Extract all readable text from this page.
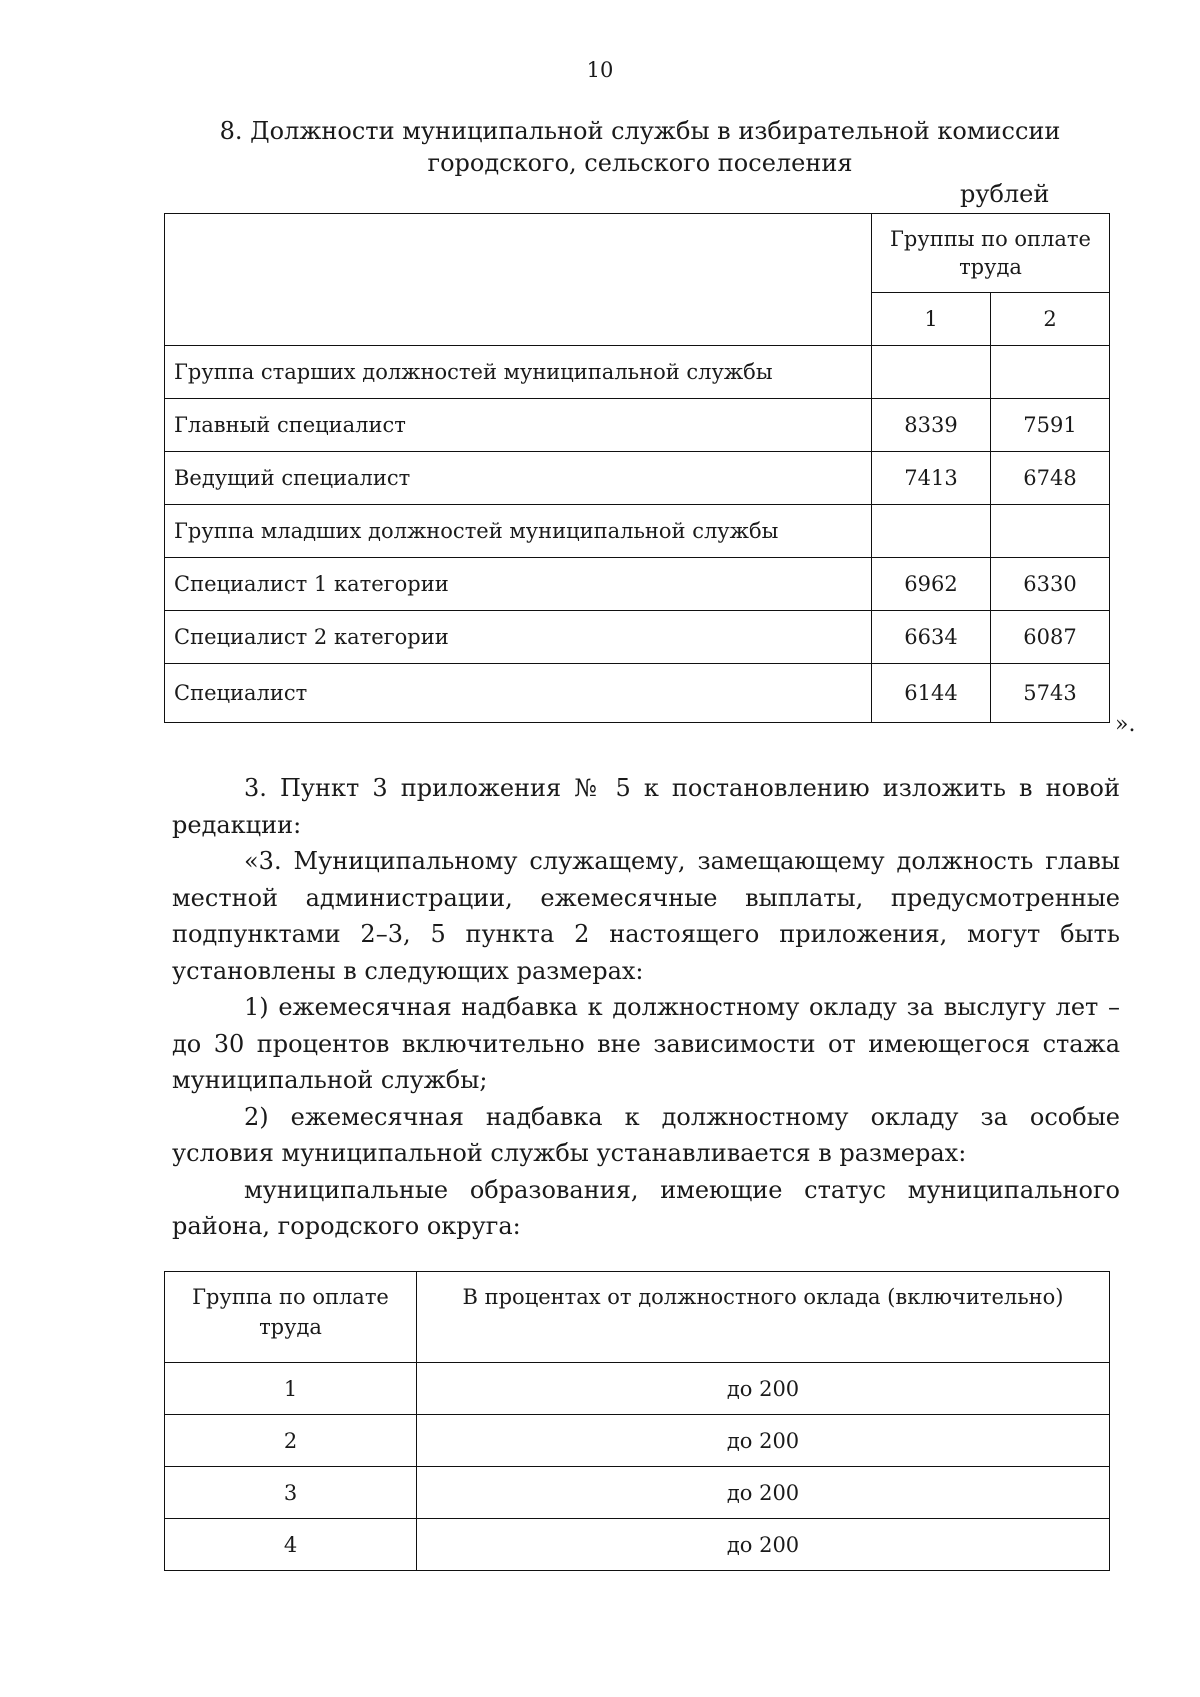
10
8. Должности муниципальной службы в избирательной комиссии
городского, сельского поселения
рублей
	Группы по оплате труда	
	1	2
Группа старших должностей муниципальной службы		
Главный специалист	8339	7591
Ведущий специалист	7413	6748
Группа младших должностей муниципальной службы		
Специалист 1 категории	6962	6330
Специалист 2 категории	6634	6087
Специалист	6144	5743
».

3. Пункт 3 приложения № 5 к постановлению изложить в новой редакции:

«3. Муниципальному служащему, замещающему должность главы местной администрации, ежемесячные выплаты, предусмотренные подпунктами 2–3, 5 пункта 2 настоящего приложения, могут быть установлены в следующих размерах:

1) ежемесячная надбавка к должностному окладу за выслугу лет – до 30 процентов включительно вне зависимости от имеющегося стажа муниципальной службы;

2) ежемесячная надбавка к должностному окладу за особые условия муниципальной службы устанавливается в размерах:

муниципальные образования, имеющие статус муниципального района, городского округа:

Группа по оплате труда	В процентах от должностного оклада (включительно)
1	до 200
2	до 200
3	до 200
4	до 200
